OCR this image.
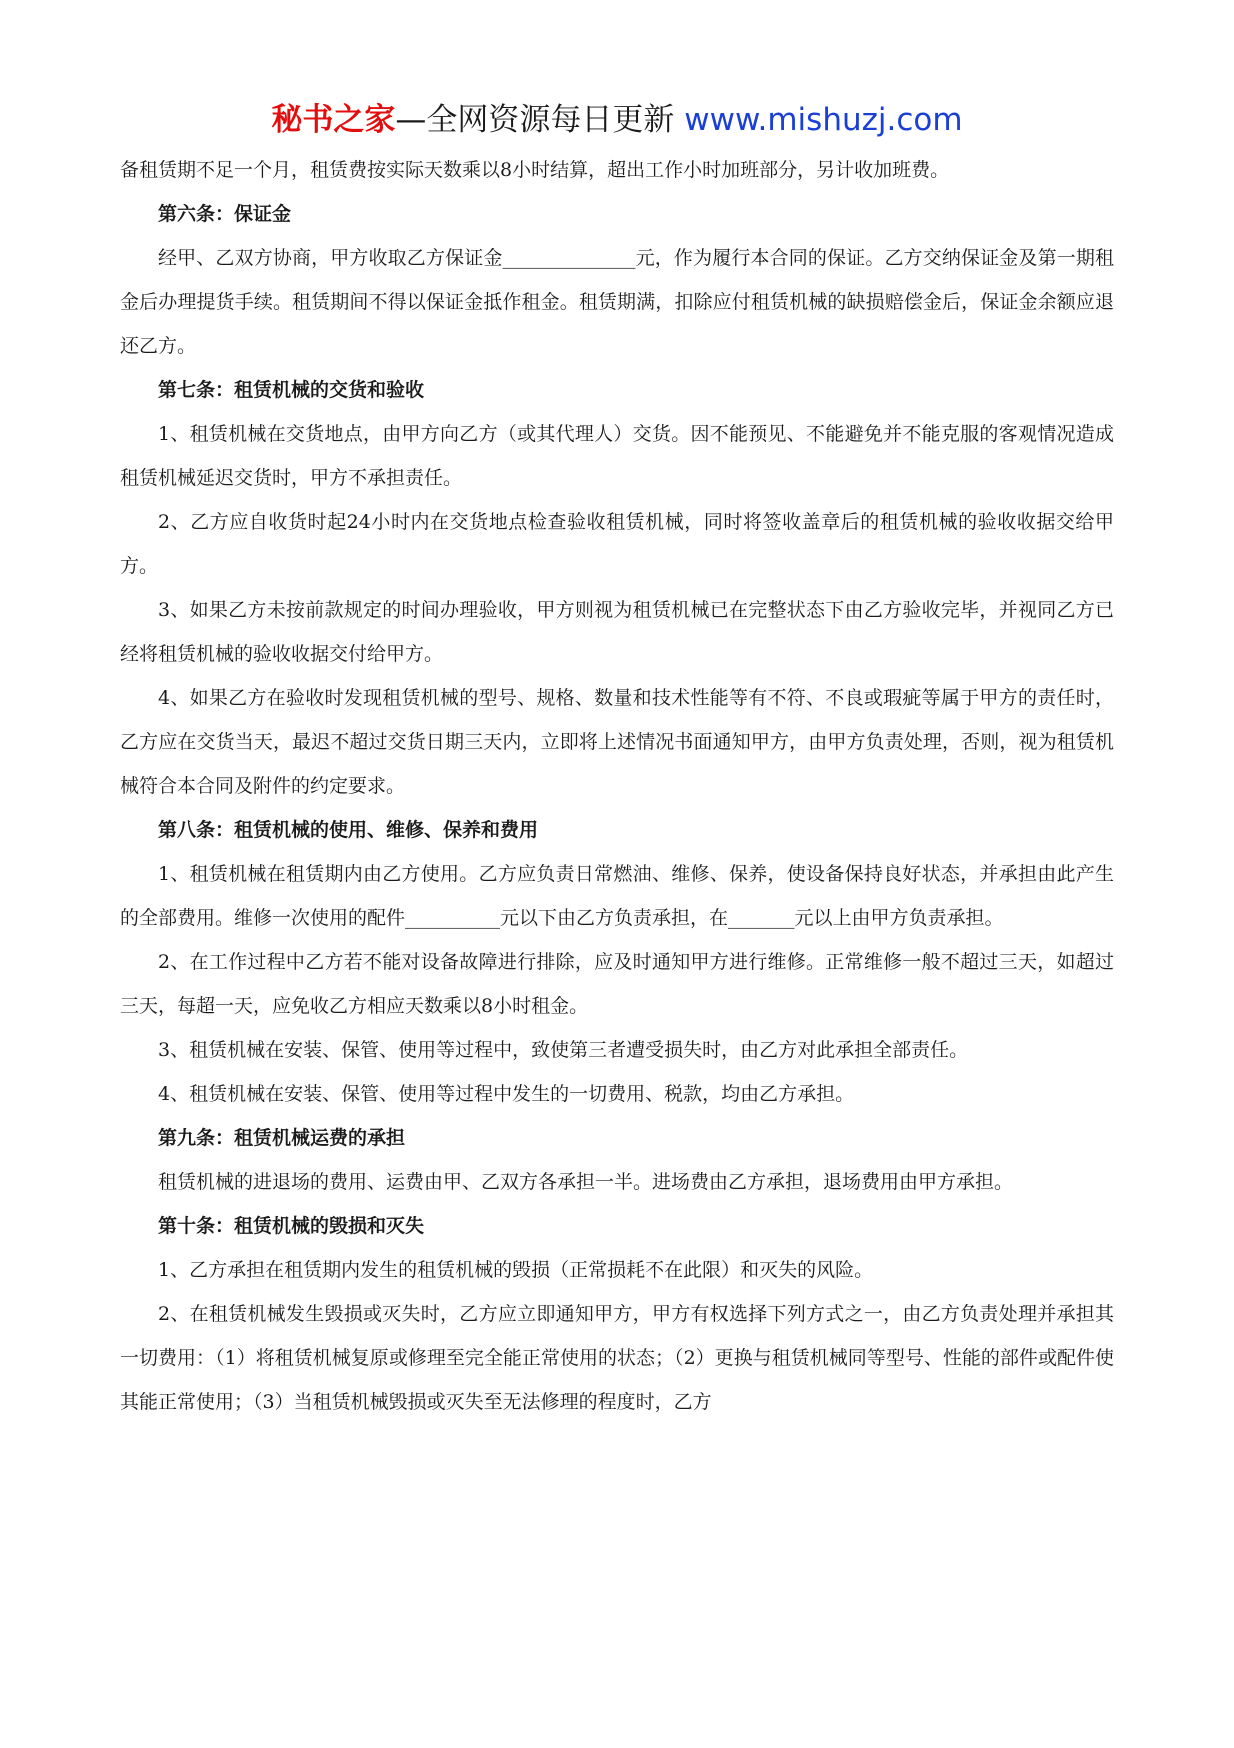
秘书之家—全网资源每日更新 www.mishuzj.com

备租赁期不足一个月，租赁费按实际天数乘以8小时结算，超出工作小时加班部分，另计收加班费。

第六条：保证金

经甲、乙双方协商，甲方收取乙方保证金______________元，作为履行本合同的保证。乙方交纳保证金及第一期租金后办理提货手续。租赁期间不得以保证金抵作租金。租赁期满，扣除应付租赁机械的缺损赔偿金后，保证金余额应退还乙方。

第七条：租赁机械的交货和验收

1、租赁机械在交货地点，由甲方向乙方（或其代理人）交货。因不能预见、不能避免并不能克服的客观情况造成租赁机械延迟交货时，甲方不承担责任。

2、乙方应自收货时起24小时内在交货地点检查验收租赁机械，同时将签收盖章后的租赁机械的验收收据交给甲方。

3、如果乙方未按前款规定的时间办理验收，甲方则视为租赁机械已在完整状态下由乙方验收完毕，并视同乙方已经将租赁机械的验收收据交付给甲方。

4、如果乙方在验收时发现租赁机械的型号、规格、数量和技术性能等有不符、不良或瑕疵等属于甲方的责任时，乙方应在交货当天，最迟不超过交货日期三天内，立即将上述情况书面通知甲方，由甲方负责处理，否则，视为租赁机械符合本合同及附件的约定要求。

第八条：租赁机械的使用、维修、保养和费用

1、租赁机械在租赁期内由乙方使用。乙方应负责日常燃油、维修、保养，使设备保持良好状态，并承担由此产生的全部费用。维修一次使用的配件__________元以下由乙方负责承担，在_______元以上由甲方负责承担。

2、在工作过程中乙方若不能对设备故障进行排除，应及时通知甲方进行维修。正常维修一般不超过三天，如超过三天，每超一天，应免收乙方相应天数乘以8小时租金。

3、租赁机械在安装、保管、使用等过程中，致使第三者遭受损失时，由乙方对此承担全部责任。

4、租赁机械在安装、保管、使用等过程中发生的一切费用、税款，均由乙方承担。

第九条：租赁机械运费的承担

租赁机械的进退场的费用、运费由甲、乙双方各承担一半。进场费由乙方承担，退场费用由甲方承担。

第十条：租赁机械的毁损和灭失

1、乙方承担在租赁期内发生的租赁机械的毁损（正常损耗不在此限）和灭失的风险。

2、在租赁机械发生毁损或灭失时，乙方应立即通知甲方，甲方有权选择下列方式之一，由乙方负责处理并承担其一切费用：（1）将租赁机械复原或修理至完全能正常使用的状态；（2）更换与租赁机械同等型号、性能的部件或配件使其能正常使用；（3）当租赁机械毁损或灭失至无法修理的程度时，乙方
